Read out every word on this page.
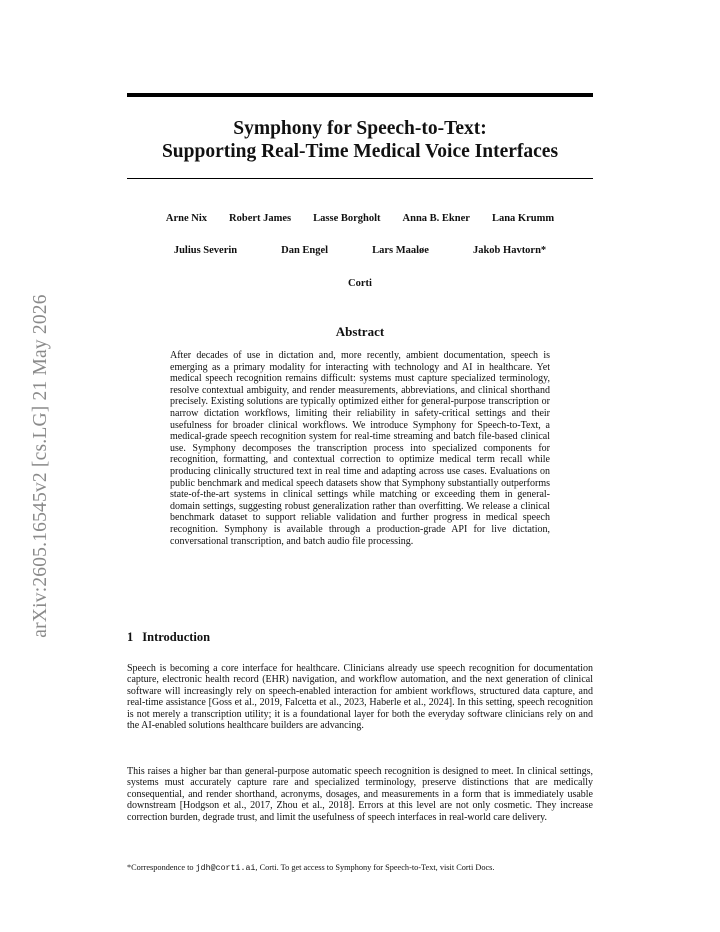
arXiv:2605.16545v2 [cs.LG] 21 May 2026
Symphony for Speech-to-Text:
Supporting Real-Time Medical Voice Interfaces
Arne Nix Robert James Lasse Borgholt Anna B. Ekner Lana Krumm
Julius Severin	Dan Engel	Lars Maaløe	Jakob Havtorn*
Corti
Abstract
After decades of use in dictation and, more recently, ambient documentation, speech is emerging as a primary modality for interacting with technology and AI in healthcare. Yet medical speech recognition remains difficult: systems must capture specialized terminology, resolve contextual ambiguity, and render measurements, abbreviations, and clinical shorthand precisely. Existing solutions are typically optimized either for general-purpose transcription or narrow dictation workflows, limiting their reliability in safety-critical settings and their usefulness for broader clinical workflows. We introduce Symphony for Speech-to-Text, a medical-grade speech recognition system for real-time streaming and batch file-based clinical use. Symphony decomposes the transcription process into specialized components for recognition, formatting, and contextual correction to optimize medical term recall while producing clinically structured text in real time and adapting across use cases. Evaluations on public benchmark and medical speech datasets show that Symphony substantially outperforms state-of-the-art systems in clinical settings while matching or exceeding them in general-domain settings, suggesting robust generalization rather than overfitting. We release a clinical benchmark dataset to support reliable validation and further progress in medical speech recognition. Symphony is available through a production-grade API for live dictation, conversational transcription, and batch audio file processing.
1 Introduction
Speech is becoming a core interface for healthcare. Clinicians already use speech recognition for documentation capture, electronic health record (EHR) navigation, and workflow automation, and the next generation of clinical software will increasingly rely on speech-enabled interaction for ambient workflows, structured data capture, and real-time assistance [Goss et al., 2019, Falcetta et al., 2023, Haberle et al., 2024]. In this setting, speech recognition is not merely a transcription utility; it is a foundational layer for both the everyday software clinicians rely on and the AI-enabled solutions healthcare builders are advancing.
This raises a higher bar than general-purpose automatic speech recognition is designed to meet. In clinical settings, systems must accurately capture rare and specialized terminology, preserve distinctions that are medically consequential, and render shorthand, acronyms, dosages, and measurements in a form that is immediately usable downstream [Hodgson et al., 2017, Zhou et al., 2018]. Errors at this level are not only cosmetic. They increase correction burden, degrade trust, and limit the usefulness of speech interfaces in real-world care delivery.
*Correspondence to jdh@corti.ai, Corti. To get access to Symphony for Speech-to-Text, visit Corti Docs.
